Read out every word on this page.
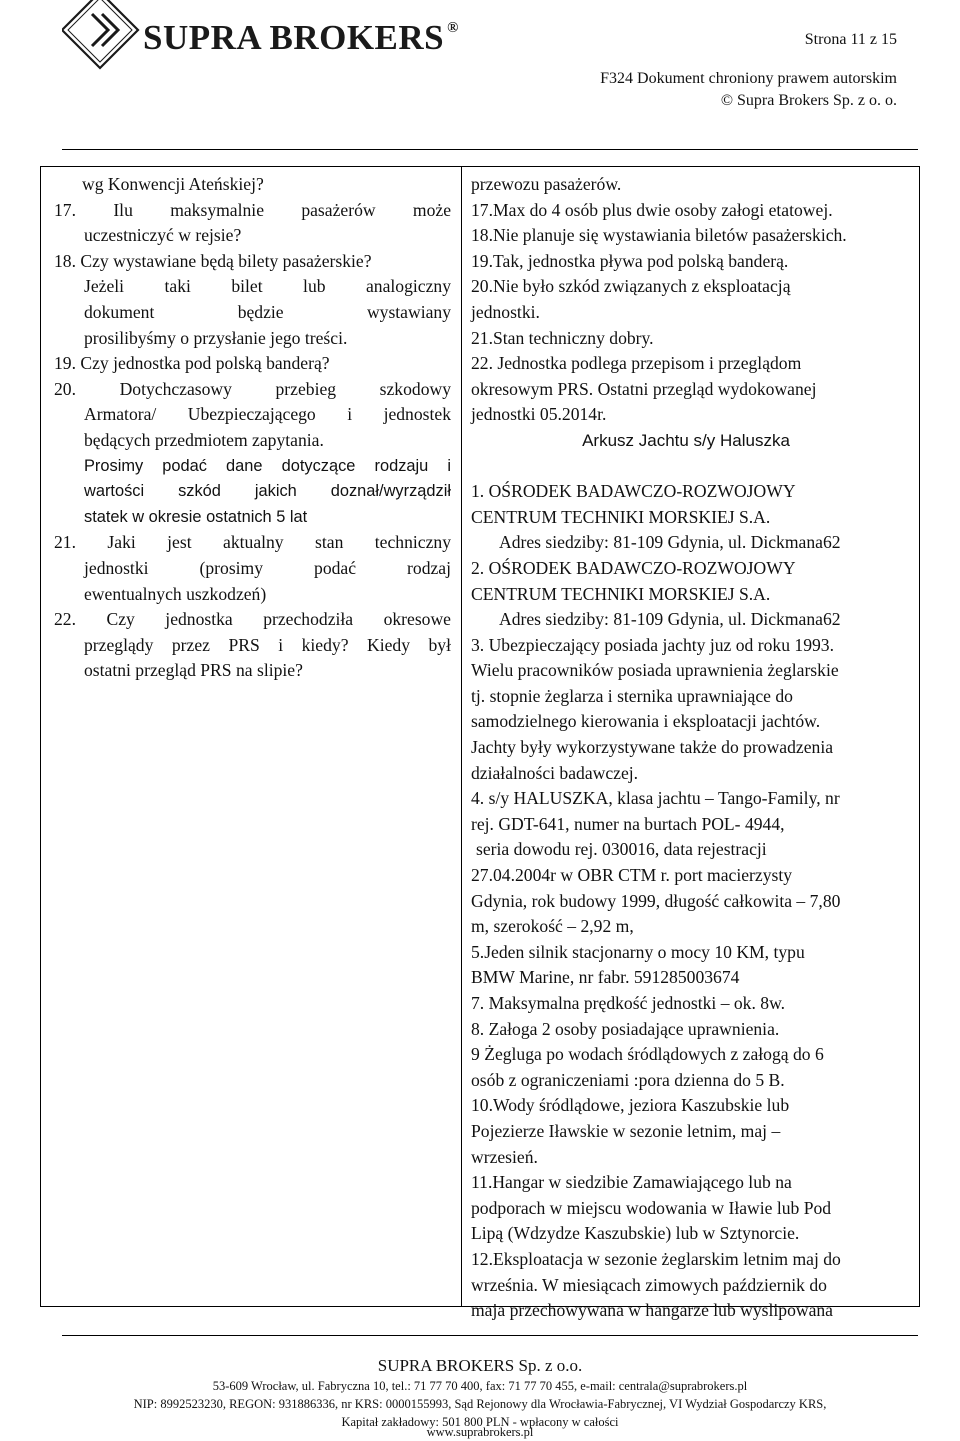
SUPRA BROKERS ®
Strona 11 z 15
F324 Dokument chroniony prawem autorskim
© Supra Brokers Sp. z o. o.
wg Konwencji Ateńskiej?
17. Ilu maksymalnie pasażerów może
uczestniczyć w rejsie?
18. Czy wystawiane będą bilety pasażerskie?
Jeżeli taki bilet lub analogiczny
dokument będzie wystawiany
prosilibyśmy o przysłanie jego treści.
19. Czy jednostka pod polską banderą?
20. Dotychczasowy przebieg szkodowy
Armatora/ Ubezpieczającego i jednostek
będących przedmiotem zapytania.
Prosimy podać dane dotyczące rodzaju i
wartości szkód jakich doznał/wyrządził
statek w okresie ostatnich 5 lat
21. Jaki jest aktualny stan techniczny
jednostki (prosimy podać rodzaj
ewentualnych uszkodzeń)
22. Czy jednostka przechodziła okresowe
przeglądy przez PRS i kiedy? Kiedy był
ostatni przegląd PRS na slipie?
przewozu pasażerów.
17.Max do 4 osób plus dwie osoby załogi etatowej.
18.Nie planuje się wystawiania biletów pasażerskich.
19.Tak, jednostka pływa pod polską banderą.
20.Nie było szkód związanych z eksploatacją
jednostki.
21.Stan techniczny dobry.
22. Jednostka podlega przepisom i przeglądom
okresowym PRS. Ostatni przegląd wydokowanej
jednostki 05.2014r.
Arkusz Jachtu s/y Haluszka
1. OŚRODEK BADAWCZO-ROZWOJOWY
CENTRUM TECHNIKI MORSKIEJ S.A.
Adres siedziby: 81-109 Gdynia, ul. Dickmana62
2. OŚRODEK BADAWCZO-ROZWOJOWY
CENTRUM TECHNIKI MORSKIEJ S.A.
Adres siedziby: 81-109 Gdynia, ul. Dickmana62
3. Ubezpieczający posiada jachty juz od roku 1993.
Wielu pracowników posiada uprawnienia żeglarskie
tj. stopnie żeglarza i sternika uprawniające do
samodzielnego kierowania i eksploatacji jachtów.
Jachty były wykorzystywane także do prowadzenia
działalności badawczej.
4. s/y HALUSZKA, klasa jachtu – Tango-Family, nr
rej. GDT-641, numer na burtach POL- 4944,
seria dowodu rej. 030016, data rejestracji
27.04.2004r w OBR CTM r. port macierzysty
Gdynia, rok budowy 1999, długość całkowita – 7,80
m, szerokość – 2,92 m,
5.Jeden silnik stacjonarny o mocy 10 KM, typu
BMW Marine, nr fabr. 591285003674
7. Maksymalna prędkość jednostki – ok. 8w.
8. Załoga 2 osoby posiadające uprawnienia.
9 Żegluga po wodach śródlądowych z załogą do 6
osób z ograniczeniami :pora dzienna do 5 B.
10.Wody śródlądowe, jeziora Kaszubskie lub
Pojezierze Iławskie w sezonie letnim, maj –
wrzesień.
11.Hangar w siedzibie Zamawiającego lub na
podporach w miejscu wodowania w Iławie lub Pod
Lipą (Wdzydze Kaszubskie) lub w Sztynorcie.
12.Eksploatacja w sezonie żeglarskim letnim maj do
września. W miesiącach zimowych październik do
maja przechowywana w hangarze lub wyslipowana
SUPRA BROKERS Sp. z o.o.
53-609 Wrocław, ul. Fabryczna 10, tel.: 71 77 70 400, fax: 71 77 70 455, e-mail: centrala@suprabrokers.pl
NIP: 8992523230, REGON: 931886336, nr KRS: 0000155993, Sąd Rejonowy dla Wrocławia-Fabrycznej, VI Wydział Gospodarczy KRS,
Kapitał zakładowy: 501 800 PLN - wpłacony w całości
www.suprabrokers.pl
